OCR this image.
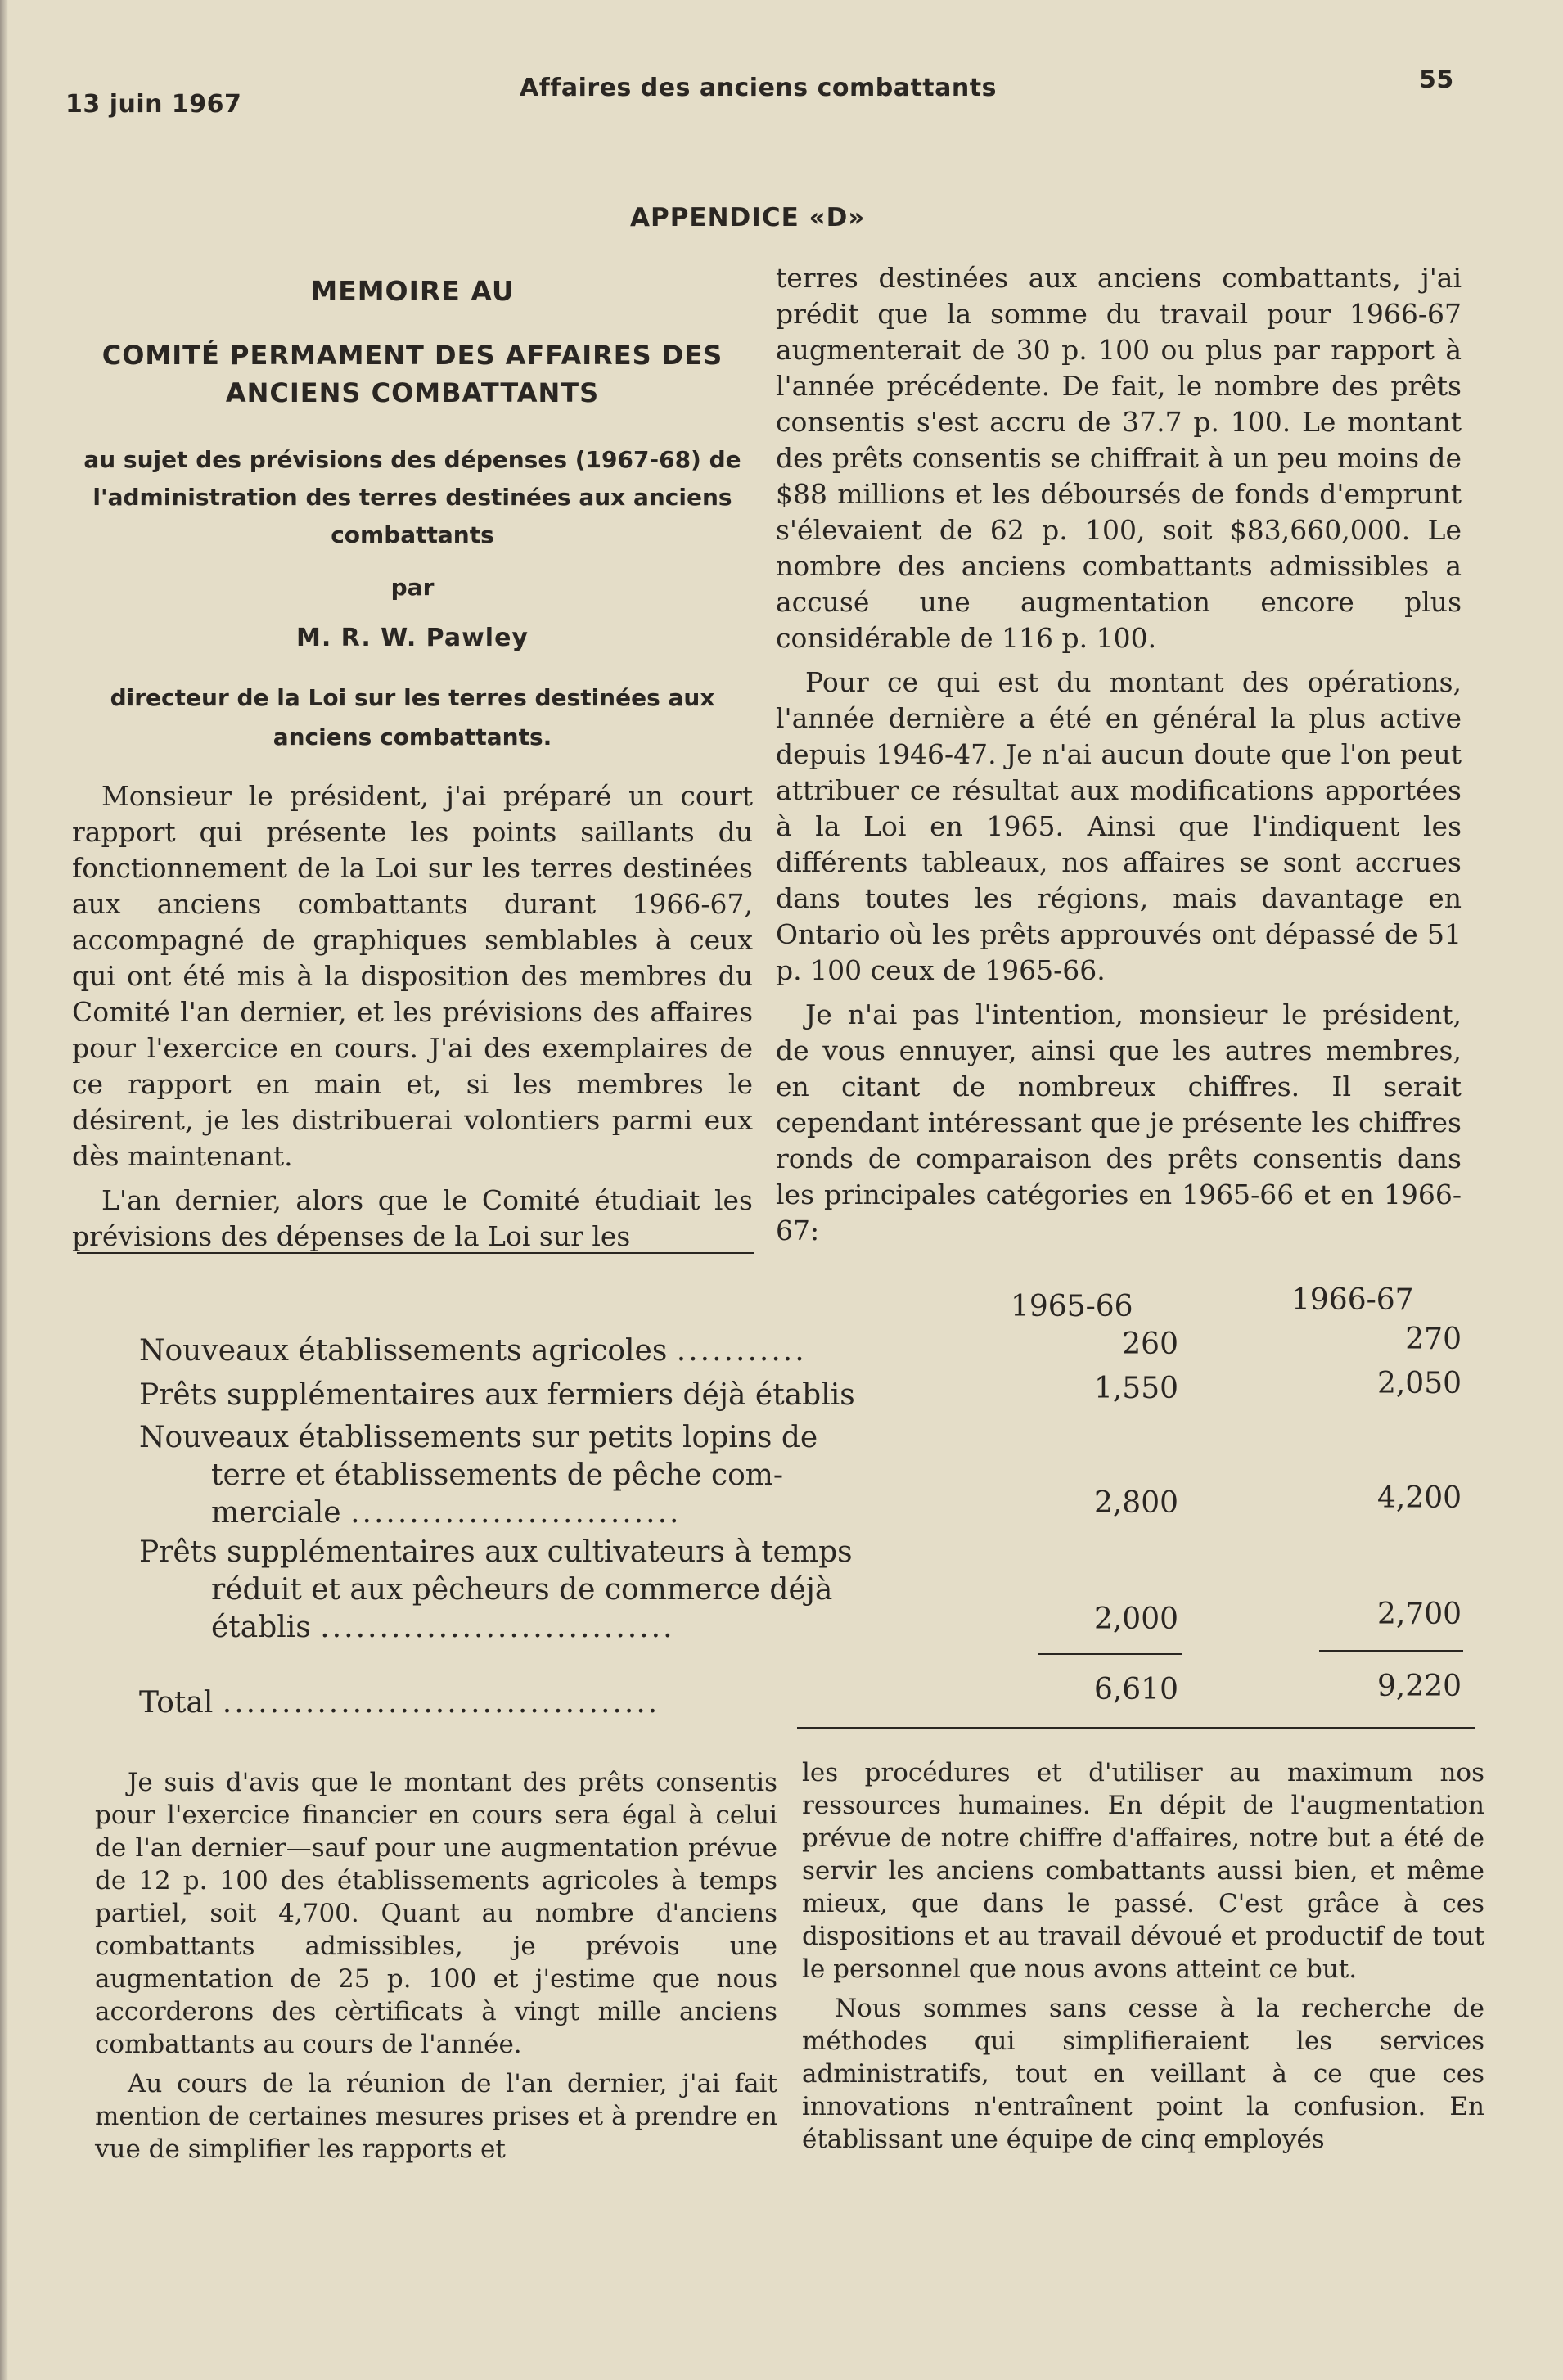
13 juin 1967
Affaires des anciens combattants	55
APPENDICE «D»
MEMOIRE AU
COMITÉ PERMAMENT DES AFFAIRES DES ANCIENS COMBATTANTS
au sujet des prévisions des dépenses (1967-68) de l'administration des terres destinées aux anciens combattants
par
M. R. W. Pawley
directeur de la Loi sur les terres destinées aux anciens combattants.

Monsieur le président, j'ai préparé un court rapport qui présente les points saillants du fonctionnement de la Loi sur les terres destinées aux anciens combattants durant 1966-67, accompagné de graphiques semblables à ceux qui ont été mis à la disposition des membres du Comité l'an dernier, et les prévisions des affaires pour l'exercice en cours. J'ai des exemplaires de ce rapport en main et, si les membres le désirent, je les distribuerai volontiers parmi eux dès maintenant.

L'an dernier, alors que le Comité étudiait les prévisions des dépenses de la Loi sur les

terres destinées aux anciens combattants, j'ai prédit que la somme du travail pour 1966-67 augmenterait de 30 p. 100 ou plus par rapport à l'année précédente. De fait, le nombre des prêts consentis s'est accru de 37.7 p. 100. Le montant des prêts consentis se chiffrait à un peu moins de $88 millions et les déboursés de fonds d'emprunt s'élevaient de 62 p. 100, soit $83,660,000. Le nombre des anciens combattants admissibles a accusé une augmentation encore plus considérable de 116 p. 100.

Pour ce qui est du montant des opérations, l'année dernière a été en général la plus active depuis 1946-47. Je n'ai aucun doute que l'on peut attribuer ce résultat aux modifications apportées à la Loi en 1965. Ainsi que l'indiquent les différents tableaux, nos affaires se sont accrues dans toutes les régions, mais davantage en Ontario où les prêts approuvés ont dépassé de 51 p. 100 ceux de 1965-66.

Je n'ai pas l'intention, monsieur le président, de vous ennuyer, ainsi que les autres membres, en citant de nombreux chiffres. Il serait cependant intéressant que je présente les chiffres ronds de comparaison des prêts consentis dans les principales catégories en 1965-66 et en 1966-67:

1965-66	1966-67
Nouveaux établissements agricoles ...........	260	270
Prêts supplémentaires aux fermiers déjà établis	1,550	2,050
Nouveaux établissements sur petits lopins de
terre et établissements de pêche com-
merciale ............................	2,800	4,200
Prêts supplémentaires aux cultivateurs à temps
réduit et aux pêcheurs de commerce déjà
établis ..............................	2,000	2,700
Total .....................................	6,610	9,220

Je suis d'avis que le montant des prêts consentis pour l'exercice financier en cours sera égal à celui de l'an dernier—sauf pour une augmentation prévue de 12 p. 100 des établissements agricoles à temps partiel, soit 4,700. Quant au nombre d'anciens combattants admissibles, je prévois une augmentation de 25 p. 100 et j'estime que nous accorderons des cèrtificats à vingt mille anciens combattants au cours de l'année.

Au cours de la réunion de l'an dernier, j'ai fait mention de certaines mesures prises et à prendre en vue de simplifier les rapports et

les procédures et d'utiliser au maximum nos ressources humaines. En dépit de l'augmentation prévue de notre chiffre d'affaires, notre but a été de servir les anciens combattants aussi bien, et même mieux, que dans le passé. C'est grâce à ces dispositions et au travail dévoué et productif de tout le personnel que nous avons atteint ce but.

Nous sommes sans cesse à la recherche de méthodes qui simplifieraient les services administratifs, tout en veillant à ce que ces innovations n'entraînent point la confusion. En établissant une équipe de cinq employés
